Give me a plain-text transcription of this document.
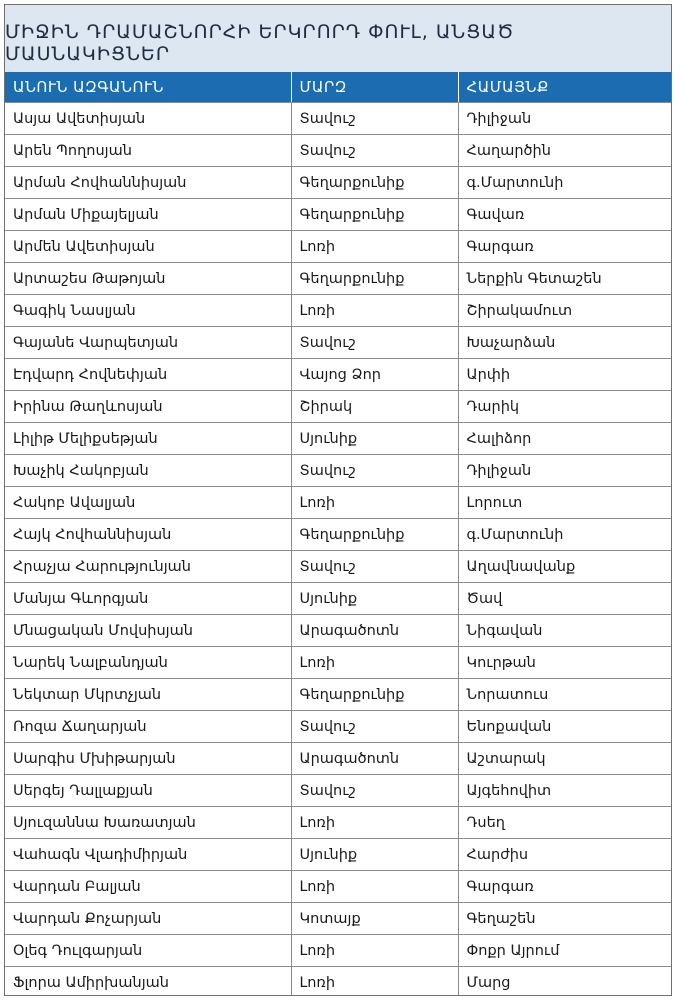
ՄԻՋԻՆ ԴՐԱՄԱՇՆՈՐՀԻ ԵՐԿՐՈՐԴ ՓՈՒԼ, ԱՆՑԱԾ ՄԱՍՆԱԿԻՑՆԵՐ
ԱՆՈՒՆ ԱԶԳԱՆՈՒՆ	ՄԱՐԶ	ՀԱՄԱՅՆՔ
Ասյա Ավետիսյան	Տավուշ	Դիլիջան
Արեն Պողոսյան	Տավուշ	Հաղարծին
Արման Հովհաննիսյան	Գեղարքունիք	գ.Մարտունի
Արման Միքայելյան	Գեղարքունիք	Գավառ
Արմեն Ավետիսյան	Լոռի	Գարգառ
Արտաշես Թաթոյան	Գեղարքունիք	Ներքին Գետաշեն
Գագիկ Նասլյան	Լոռի	Շիրակամուտ
Գայանե Վարպետյան	Տավուշ	Խաչարձան
Էդվարդ Հովնեփյան	Վայոց Ձոր	Արփի
Իրինա Թաղևոսյան	Շիրակ	Դարիկ
Լիլիթ Մելիքսեթյան	Սյունիք	Հալիձոր
Խաչիկ Հակոբյան	Տավուշ	Դիլիջան
Հակոբ Ավալյան	Լոռի	Լորուտ
Հայկ Հովհաննիսյան	Գեղարքունիք	գ.Մարտունի
Հրաչյա Հարությունյան	Տավուշ	Աղավնավանք
Մանյա Գևորգյան	Սյունիք	Ծավ
Մնացական Մովսիսյան	Արագածոտն	Նիգավան
Նարեկ Նալբանդյան	Լոռի	Կուրթան
Նեկտար Մկրտչյան	Գեղարքունիք	Նորատուս
Ռոզա Ճաղարյան	Տավուշ	Ենոքավան
Սարգիս Մխիթարյան	Արագածոտն	Աշտարակ
Սերգեյ Դալլաքյան	Տավուշ	Այգեհովիտ
Սյուզաննա Խառատյան	Լոռի	Դսեղ
Վահագն Վլադիմիրյան	Սյունիք	Հարժիս
Վարդան Բալյան	Լոռի	Գարգառ
Վարդան Քոչարյան	Կոտայք	Գեղաշեն
Օլեգ Դուլգարյան	Լոռի	Փոքր Այրում
Ֆլորա Ամիրխանյան	Լոռի	Մարց
